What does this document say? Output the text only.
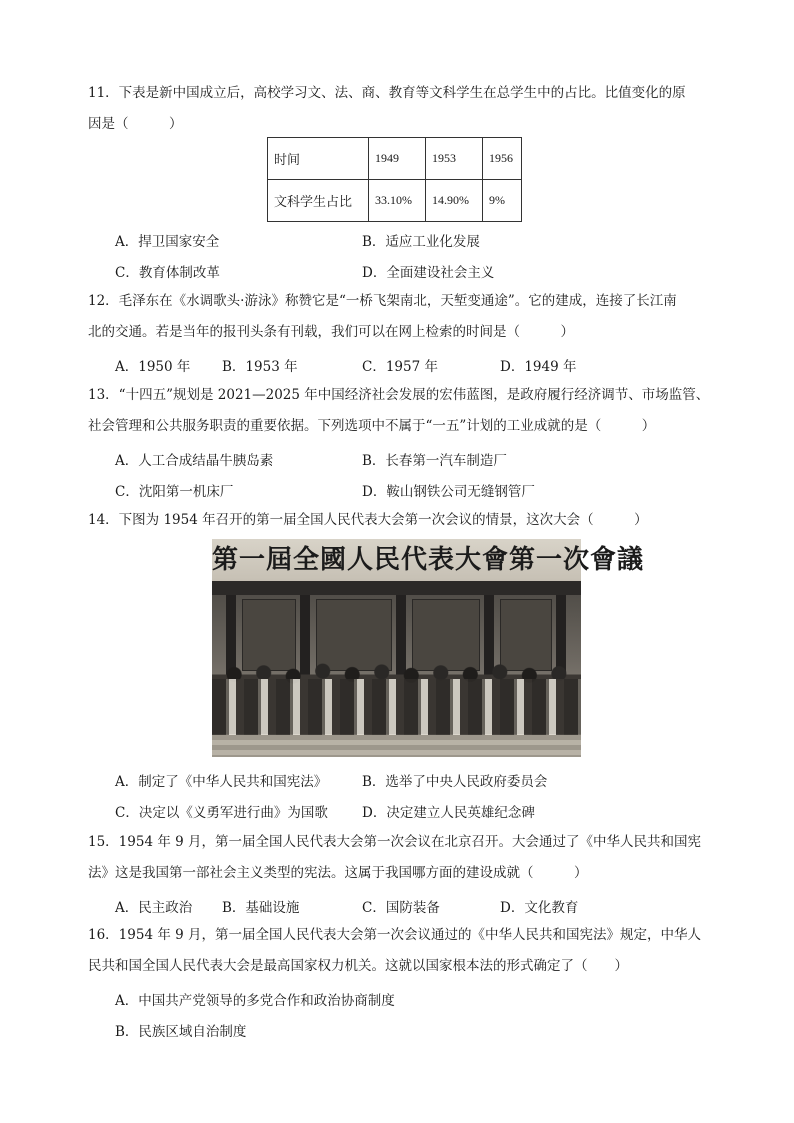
11．下表是新中国成立后，高校学习文、法、商、教育等文科学生在总学生中的占比。比值变化的原
因是（　　　）
时间	1949	1953	1956
文科学生占比	33.10%	14.90%	9%
A．捍卫国家安全	B．适应工业化发展
C．教育体制改革	D．全面建设社会主义
12．毛泽东在《水调歌头·游泳》称赞它是“一桥飞架南北，天堑变通途”。它的建成，连接了长江南
北的交通。若是当年的报刊头条有刊载，我们可以在网上检索的时间是（　　　）
A．1950 年 B．1953 年	C．1957 年	D．1949 年
13．“十四五”规划是 2021—2025 年中国经济社会发展的宏伟蓝图，是政府履行经济调节、市场监管、
社会管理和公共服务职责的重要依据。下列选项中不属于“一五”计划的工业成就的是（　　　）
A．人工合成结晶牛胰岛素	B．长春第一汽车制造厂
C．沈阳第一机床厂	D．鞍山钢铁公司无缝钢管厂
14．下图为 1954 年召开的第一届全国人民代表大会第一次会议的情景，这次大会（　　　）
第一屆全國人民代表大會第一次會議
A．制定了《中华人民共和国宪法》	B．选举了中央人民政府委员会
C．决定以《义勇军进行曲》为国歌	D．决定建立人民英雄纪念碑
15．1954 年 9 月，第一届全国人民代表大会第一次会议在北京召开。大会通过了《中华人民共和国宪
法》这是我国第一部社会主义类型的宪法。这属于我国哪方面的建设成就（　　　）
A．民主政治 B．基础设施	C．国防装备	D．文化教育
16．1954 年 9 月，第一届全国人民代表大会第一次会议通过的《中华人民共和国宪法》规定，中华人
民共和国全国人民代表大会是最高国家权力机关。这就以国家根本法的形式确定了（　　）
A．中国共产党领导的多党合作和政治协商制度
B．民族区域自治制度
